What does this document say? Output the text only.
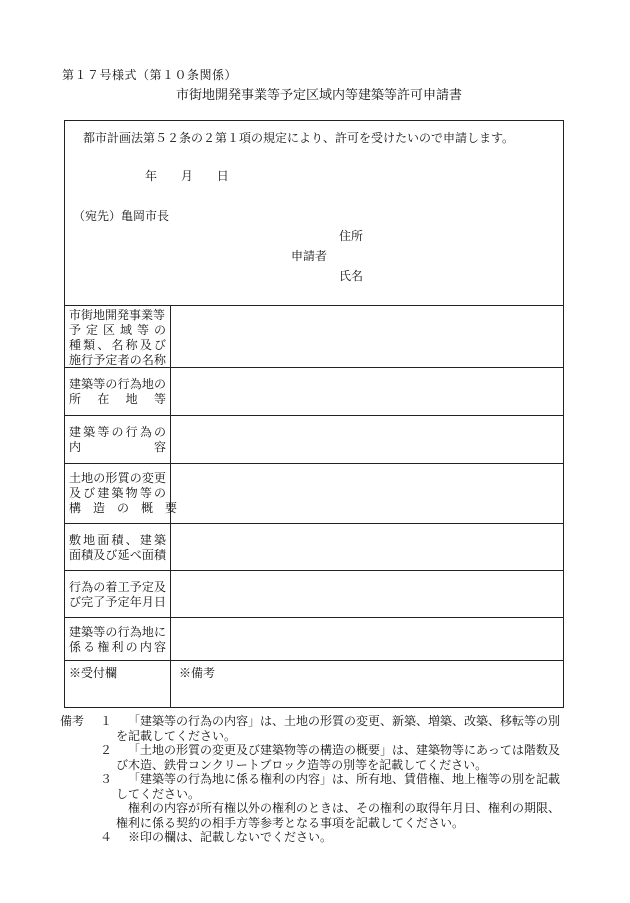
第１７号様式（第１０条関係）
市街地開発事業等予定区域内等建築等許可申請書
都市計画法第５２条の２第１項の規定により、許可を受けたいので申請します。
年 月 日
（宛先）亀岡市長
住所
申請者
氏名
市街地開発事業等
予定区域等の
種類、名称及び
施行予定者の名称
建築等の行為地の
所　在　地　等
建築等の行為の
内　　　　容
土地の形質の変更
及び建築物等の
構　造　の　概　要
敷地面積、建築
面積及び延べ面積
行為の着工予定及
び完了予定年月日
建築等の行為地に
係る権利の内容
※受付欄	※備考
備考 １	「建築等の行為の内容」は、土地の形質の変更、新築、増築、改築、移転等の別を記載してください。
２	「土地の形質の変更及び建築物等の構造の概要」は、建築物等にあっては階数及び木造、鉄骨コンクリートブロック造等の別等を記載してください。
３	「建築等の行為地に係る権利の内容」は、所有地、賃借権、地上権等の別を記載してください。
権利の内容が所有権以外の権利のときは、その権利の取得年月日、権利の期限、権利に係る契約の相手方等参考となる事項を記載してください。
４	※印の欄は、記載しないでください。
